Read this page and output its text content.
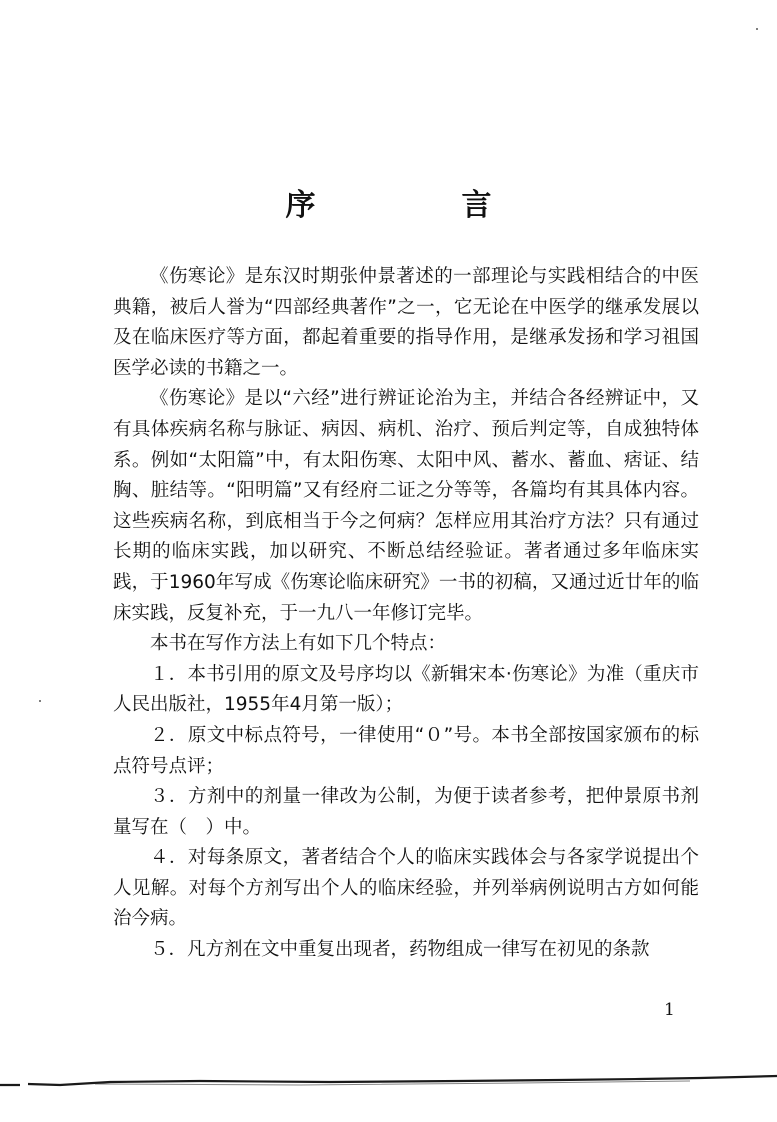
序　言

《伤寒论》是东汉时期张仲景著述的一部理论与实践相结合的中医典籍，被后人誉为“四部经典著作”之一，它无论在中医学的继承发展以及在临床医疗等方面，都起着重要的指导作用，是继承发扬和学习祖国医学必读的书籍之一。

《伤寒论》是以“六经”进行辨证论治为主，并结合各经辨证中，又有具体疾病名称与脉证、病因、病机、治疗、预后判定等，自成独特体系。例如“太阳篇”中，有太阳伤寒、太阳中风、蓄水、蓄血、痞证、结胸、脏结等。“阳明篇”又有经府二证之分等等，各篇均有其具体内容。这些疾病名称，到底相当于今之何病？怎样应用其治疗方法？只有通过长期的临床实践，加以研究、不断总结经验证。著者通过多年临床实践，于1960年写成《伤寒论临床研究》一书的初稿，又通过近廿年的临床实践，反复补充，于一九八一年修订完毕。

本书在写作方法上有如下几个特点：

１．本书引用的原文及号序均以《新辑宋本·伤寒论》为准（重庆市人民出版社，1955年4月第一版）；

２．原文中标点符号，一律使用“０”号。本书全部按国家颁布的标点符号点评；

３．方剂中的剂量一律改为公制，为便于读者参考，把仲景原书剂量写在（　）中。

４．对每条原文，著者结合个人的临床实践体会与各家学说提出个人见解。对每个方剂写出个人的临床经验，并列举病例说明古方如何能治今病。

５．凡方剂在文中重复出现者，药物组成一律写在初见的条款

1
